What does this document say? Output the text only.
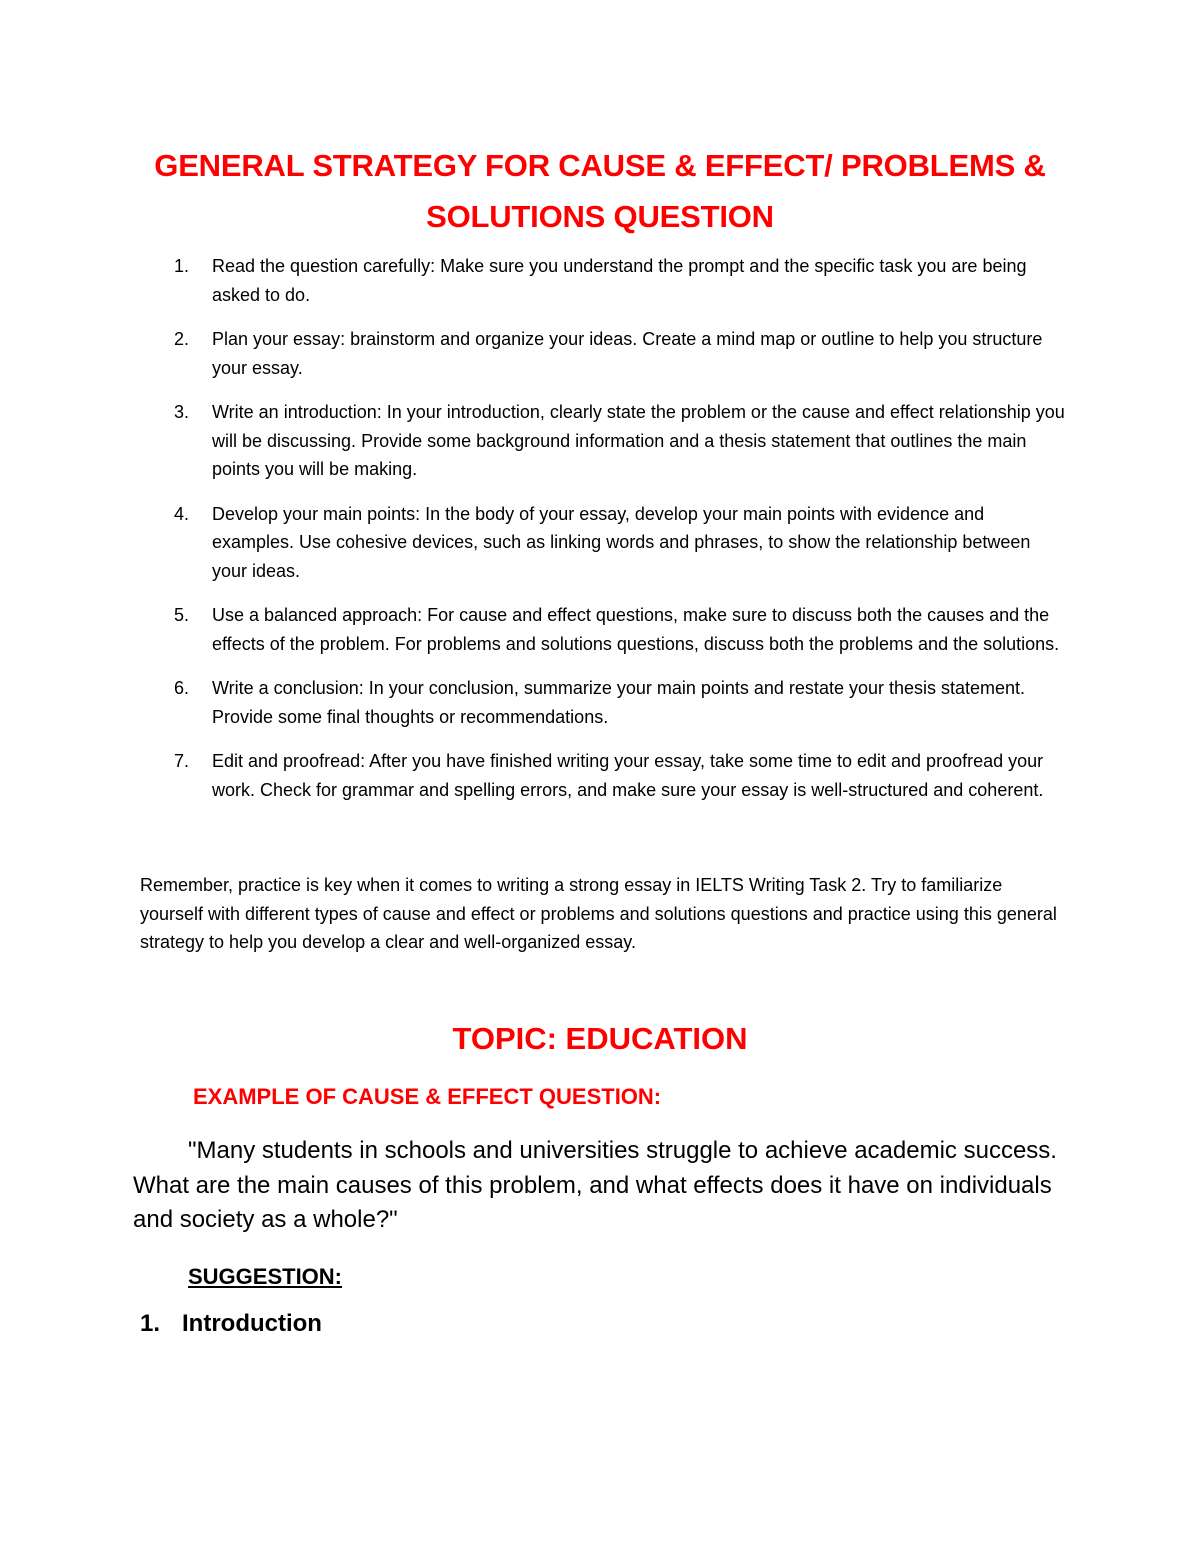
GENERAL STRATEGY FOR CAUSE & EFFECT/ PROBLEMS & SOLUTIONS QUESTION
1. Read the question carefully: Make sure you understand the prompt and the specific task you are being asked to do.
2. Plan your essay: brainstorm and organize your ideas. Create a mind map or outline to help you structure your essay.
3. Write an introduction: In your introduction, clearly state the problem or the cause and effect relationship you will be discussing. Provide some background information and a thesis statement that outlines the main points you will be making.
4. Develop your main points: In the body of your essay, develop your main points with evidence and examples. Use cohesive devices, such as linking words and phrases, to show the relationship between your ideas.
5. Use a balanced approach: For cause and effect questions, make sure to discuss both the causes and the effects of the problem. For problems and solutions questions, discuss both the problems and the solutions.
6. Write a conclusion: In your conclusion, summarize your main points and restate your thesis statement. Provide some final thoughts or recommendations.
7. Edit and proofread: After you have finished writing your essay, take some time to edit and proofread your work. Check for grammar and spelling errors, and make sure your essay is well-structured and coherent.

Remember, practice is key when it comes to writing a strong essay in IELTS Writing Task 2. Try to familiarize yourself with different types of cause and effect or problems and solutions questions and practice using this general strategy to help you develop a clear and well-organized essay.

TOPIC: EDUCATION
EXAMPLE OF CAUSE & EFFECT QUESTION:

"Many students in schools and universities struggle to achieve academic success. What are the main causes of this problem, and what effects does it have on individuals and society as a whole?"

SUGGESTION:
1. Introduction
